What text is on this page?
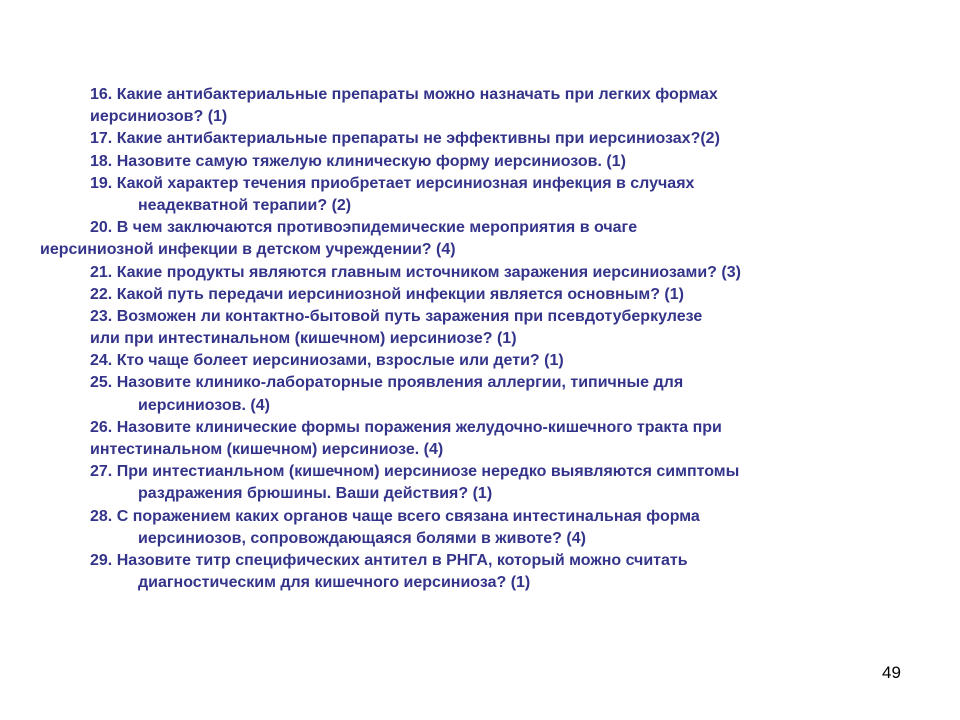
16. Какие антибактериальные препараты можно назначать при легких формах
иерсиниозов? (1)
17. Какие антибактериальные препараты не эффективны при иерсиниозах?(2)
18. Назовите самую тяжелую клиническую форму иерсиниозов. (1)
19. Какой характер течения приобретает иерсиниозная инфекция в случаях
неадекватной терапии? (2)
20. В чем заключаются противоэпидемические мероприятия в очаге
иерсиниозной инфекции в детском учреждении? (4)
21. Какие продукты являются главным источником заражения иерсиниозами? (3)
22. Какой путь передачи иерсиниозной инфекции является основным? (1)
23. Возможен ли контактно-бытовой путь заражения при псевдотуберкулезе
или при интестинальном (кишечном) иерсиниозе? (1)
24. Кто чаще болеет иерсиниозами, взрослые или дети? (1)
25. Назовите клинико-лабораторные проявления аллергии, типичные для
иерсиниозов. (4)
26. Назовите клинические формы поражения желудочно-кишечного тракта при
интестинальном (кишечном) иерсиниозе. (4)
27. При интестианльном (кишечном) иерсиниозе нередко выявляются симптомы
раздражения брюшины. Ваши действия? (1)
28. С поражением каких органов чаще всего связана интестинальная форма
иерсиниозов, сопровождающаяся болями в животе? (4)
29. Назовите титр специфических антител в РНГА, который можно считать
диагностическим для кишечного иерсиниоза? (1)
49
